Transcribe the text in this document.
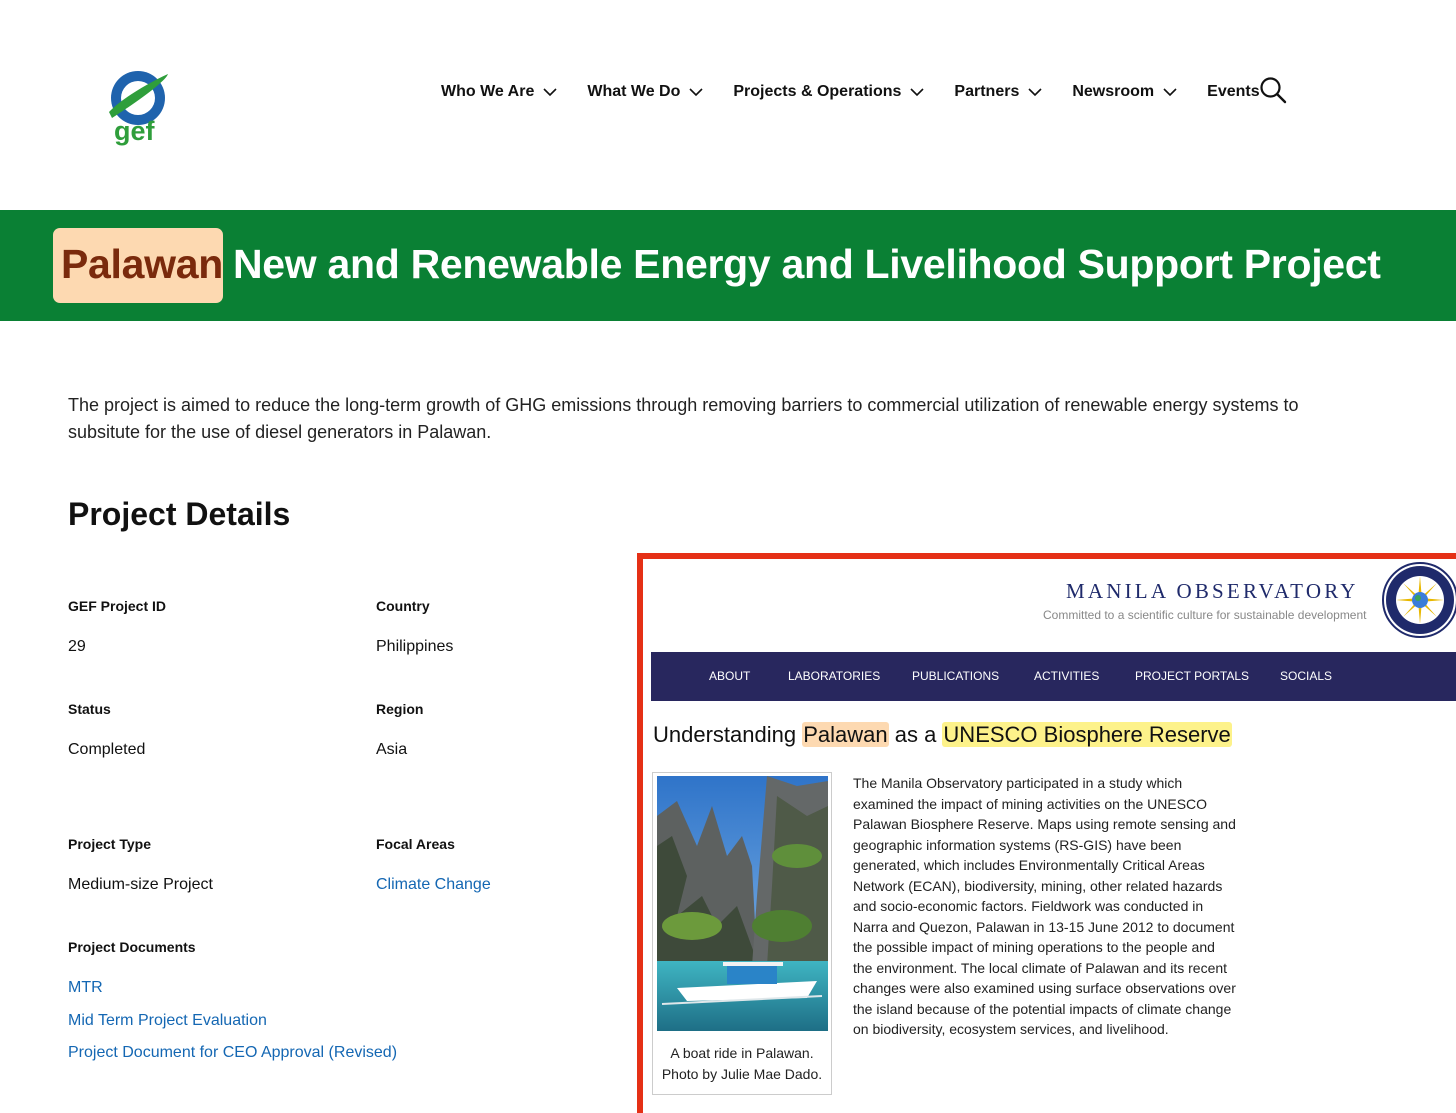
gef
Who We Are	What We Do	Projects & Operations	Partners	Newsroom	Events
Palawan New and Renewable Energy and Livelihood Support Project
The project is aimed to reduce the long-term growth of GHG emissions through removing barriers to commercial utilization of renewable energy systems to subsitute for the use of diesel generators in Palawan.
Project Details
GEF Project ID
29
Country
Philippines
Status
Completed
Region
Asia
Project Type
Medium-size Project
Focal Areas
Climate Change
Project Documents
MTR
Mid Term Project Evaluation
Project Document for CEO Approval (Revised)
MANILA OBSERVATORY
Committed to a scientific culture for sustainable development
ABOUT	LABORATORIES	PUBLICATIONS	ACTIVITIES	PROJECT PORTALS	SOCIALS
Understanding Palawan as a UNESCO Biosphere Reserve
A boat ride in Palawan. Photo by Julie Mae Dado.
The Manila Observatory participated in a study which examined the impact of mining activities on the UNESCO Palawan Biosphere Reserve. Maps using remote sensing and geographic information systems (RS-GIS) have been generated, which includes Environmentally Critical Areas Network (ECAN), biodiversity, mining, other related hazards and socio-economic factors. Fieldwork was conducted in Narra and Quezon, Palawan in 13-15 June 2012 to document the possible impact of mining operations to the people and the environment. The local climate of Palawan and its recent changes were also examined using surface observations over the island because of the potential impacts of climate change on biodiversity, ecosystem services, and livelihood.
